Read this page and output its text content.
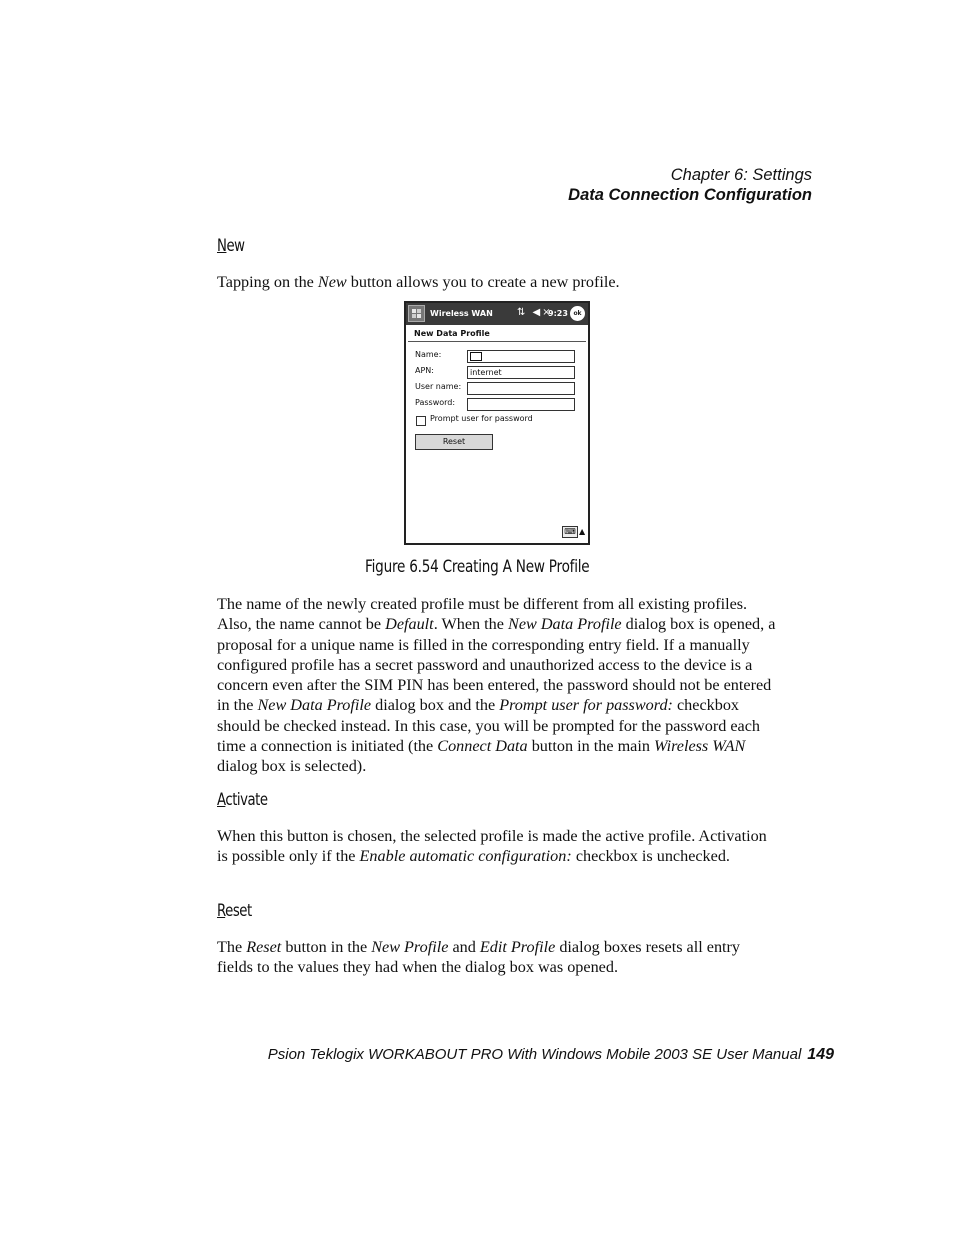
Chapter 6: Settings
Data Connection Configuration
New
Tapping on the New button allows you to create a new profile.
Wireless WAN ⇅ ◀×
9:23 ok
New Data Profile
Name:
APN:	internet
User name:
Password:
Prompt user for password
Reset
⌨ ▲
Figure 6.54 Creating A New Profile
The name of the newly created profile must be different from all existing profiles. Also, the name cannot be Default. When the New Data Profile dialog box is opened, a proposal for a unique name is filled in the corresponding entry field. If a manually configured profile has a secret password and unauthorized access to the device is a concern even after the SIM PIN has been entered, the password should not be entered in the New Data Profile dialog box and the Prompt user for password: checkbox should be checked instead. In this case, you will be prompted for the password each time a connection is initiated (the Connect Data button in the main Wireless WAN dialog box is selected).
Activate
When this button is chosen, the selected profile is made the active profile. Activation is possible only if the Enable automatic configuration: checkbox is unchecked.
Reset
The Reset button in the New Profile and Edit Profile dialog boxes resets all entry fields to the values they had when the dialog box was opened.
Psion Teklogix WORKABOUT PRO With Windows Mobile 2003 SE User Manual 149
